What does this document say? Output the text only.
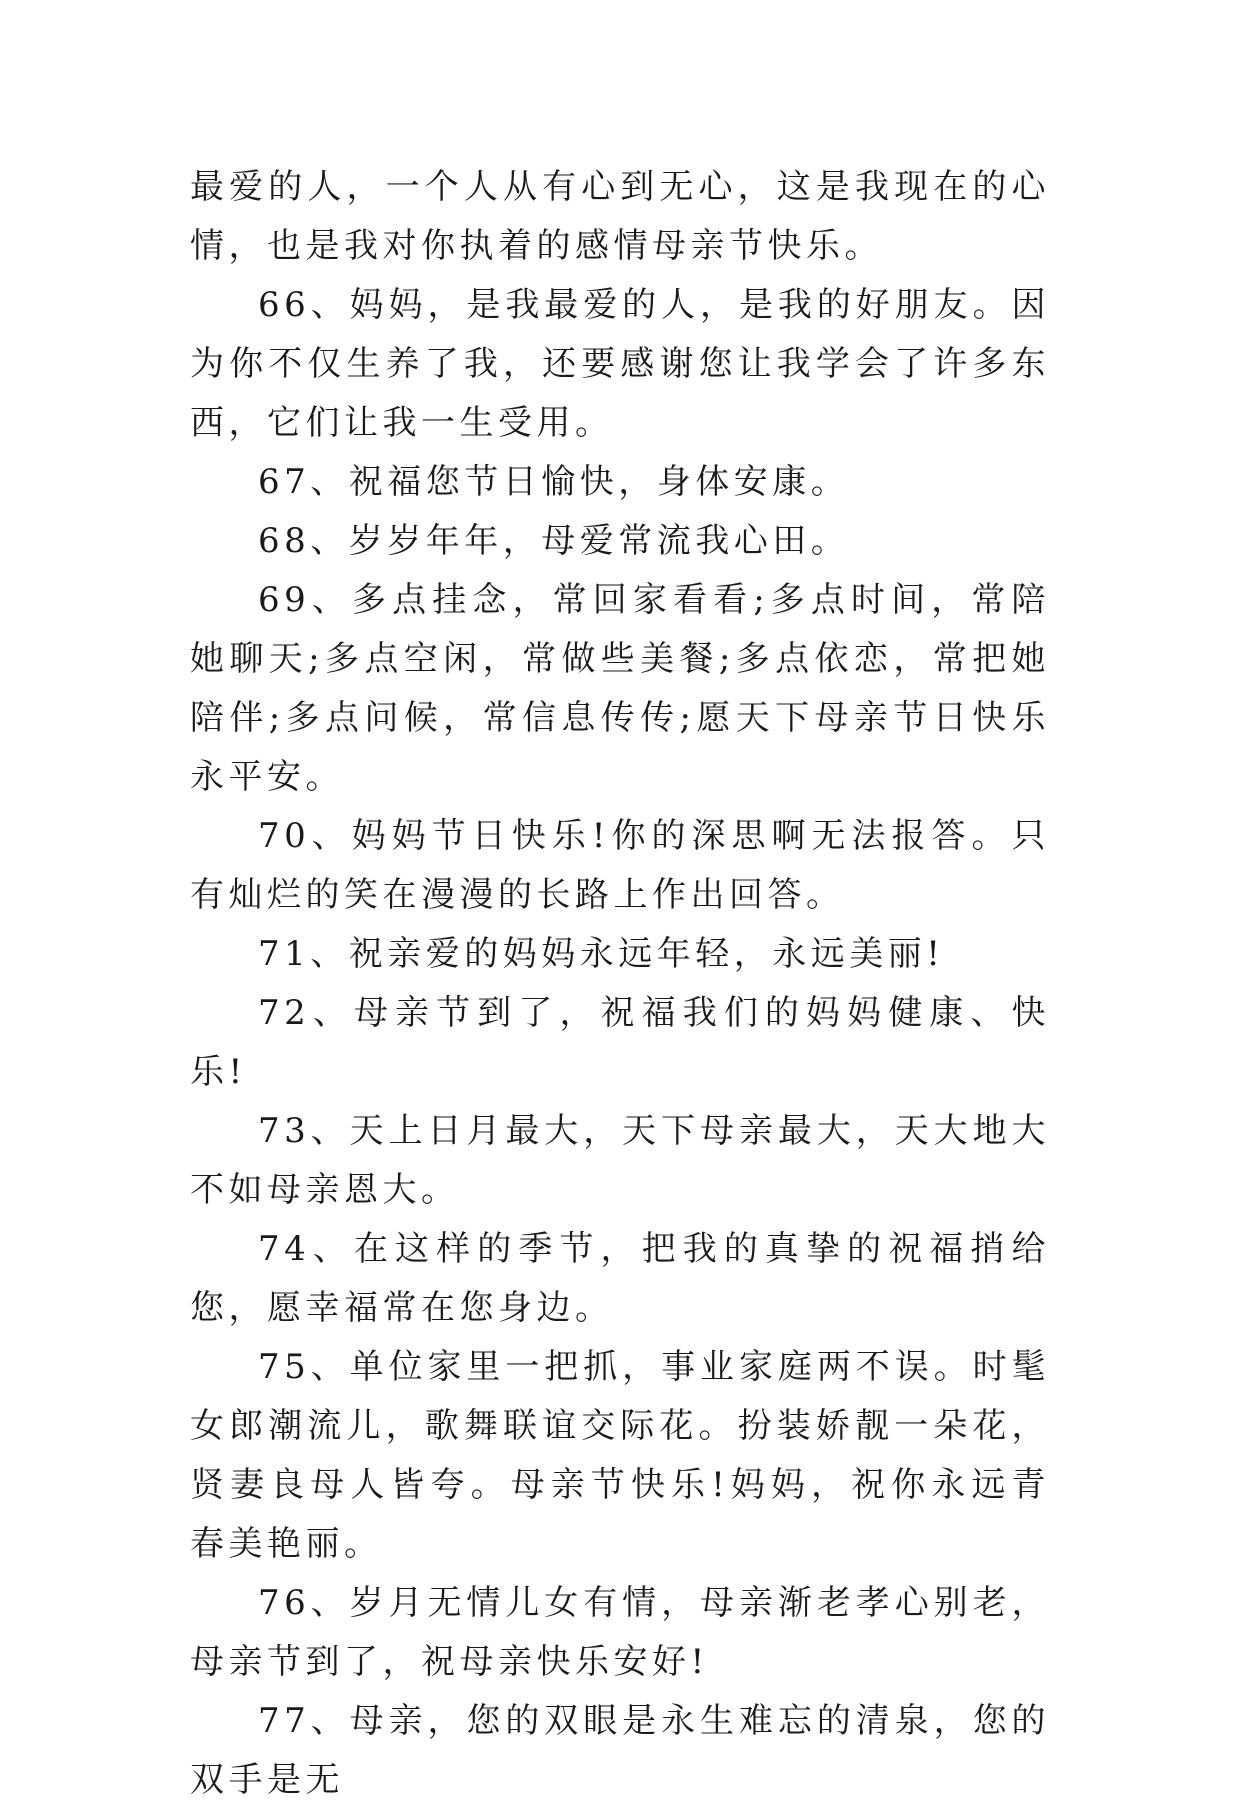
最爱的人，一个人从有心到无心，这是我现在的心情，也是我对你执着的感情母亲节快乐。

66、妈妈，是我最爱的人，是我的好朋友。因为你不仅生养了我，还要感谢您让我学会了许多东西，它们让我一生受用。

67、祝福您节日愉快，身体安康。

68、岁岁年年，母爱常流我心田。

69、多点挂念，常回家看看;多点时间，常陪她聊天;多点空闲，常做些美餐;多点依恋，常把她陪伴;多点问候，常信息传传;愿天下母亲节日快乐永平安。

70、妈妈节日快乐!你的深思啊无法报答。只有灿烂的笑在漫漫的长路上作出回答。

71、祝亲爱的妈妈永远年轻，永远美丽!

72、母亲节到了，祝福我们的妈妈健康、快乐!

73、天上日月最大，天下母亲最大，天大地大不如母亲恩大。

74、在这样的季节，把我的真挚的祝福捎给您，愿幸福常在您身边。

75、单位家里一把抓，事业家庭两不误。时髦女郎潮流儿，歌舞联谊交际花。扮装娇靓一朵花，贤妻良母人皆夸。母亲节快乐!妈妈，祝你永远青春美艳丽。

76、岁月无情儿女有情，母亲渐老孝心别老，母亲节到了，祝母亲快乐安好!

77、母亲，您的双眼是永生难忘的清泉，您的双手是无
